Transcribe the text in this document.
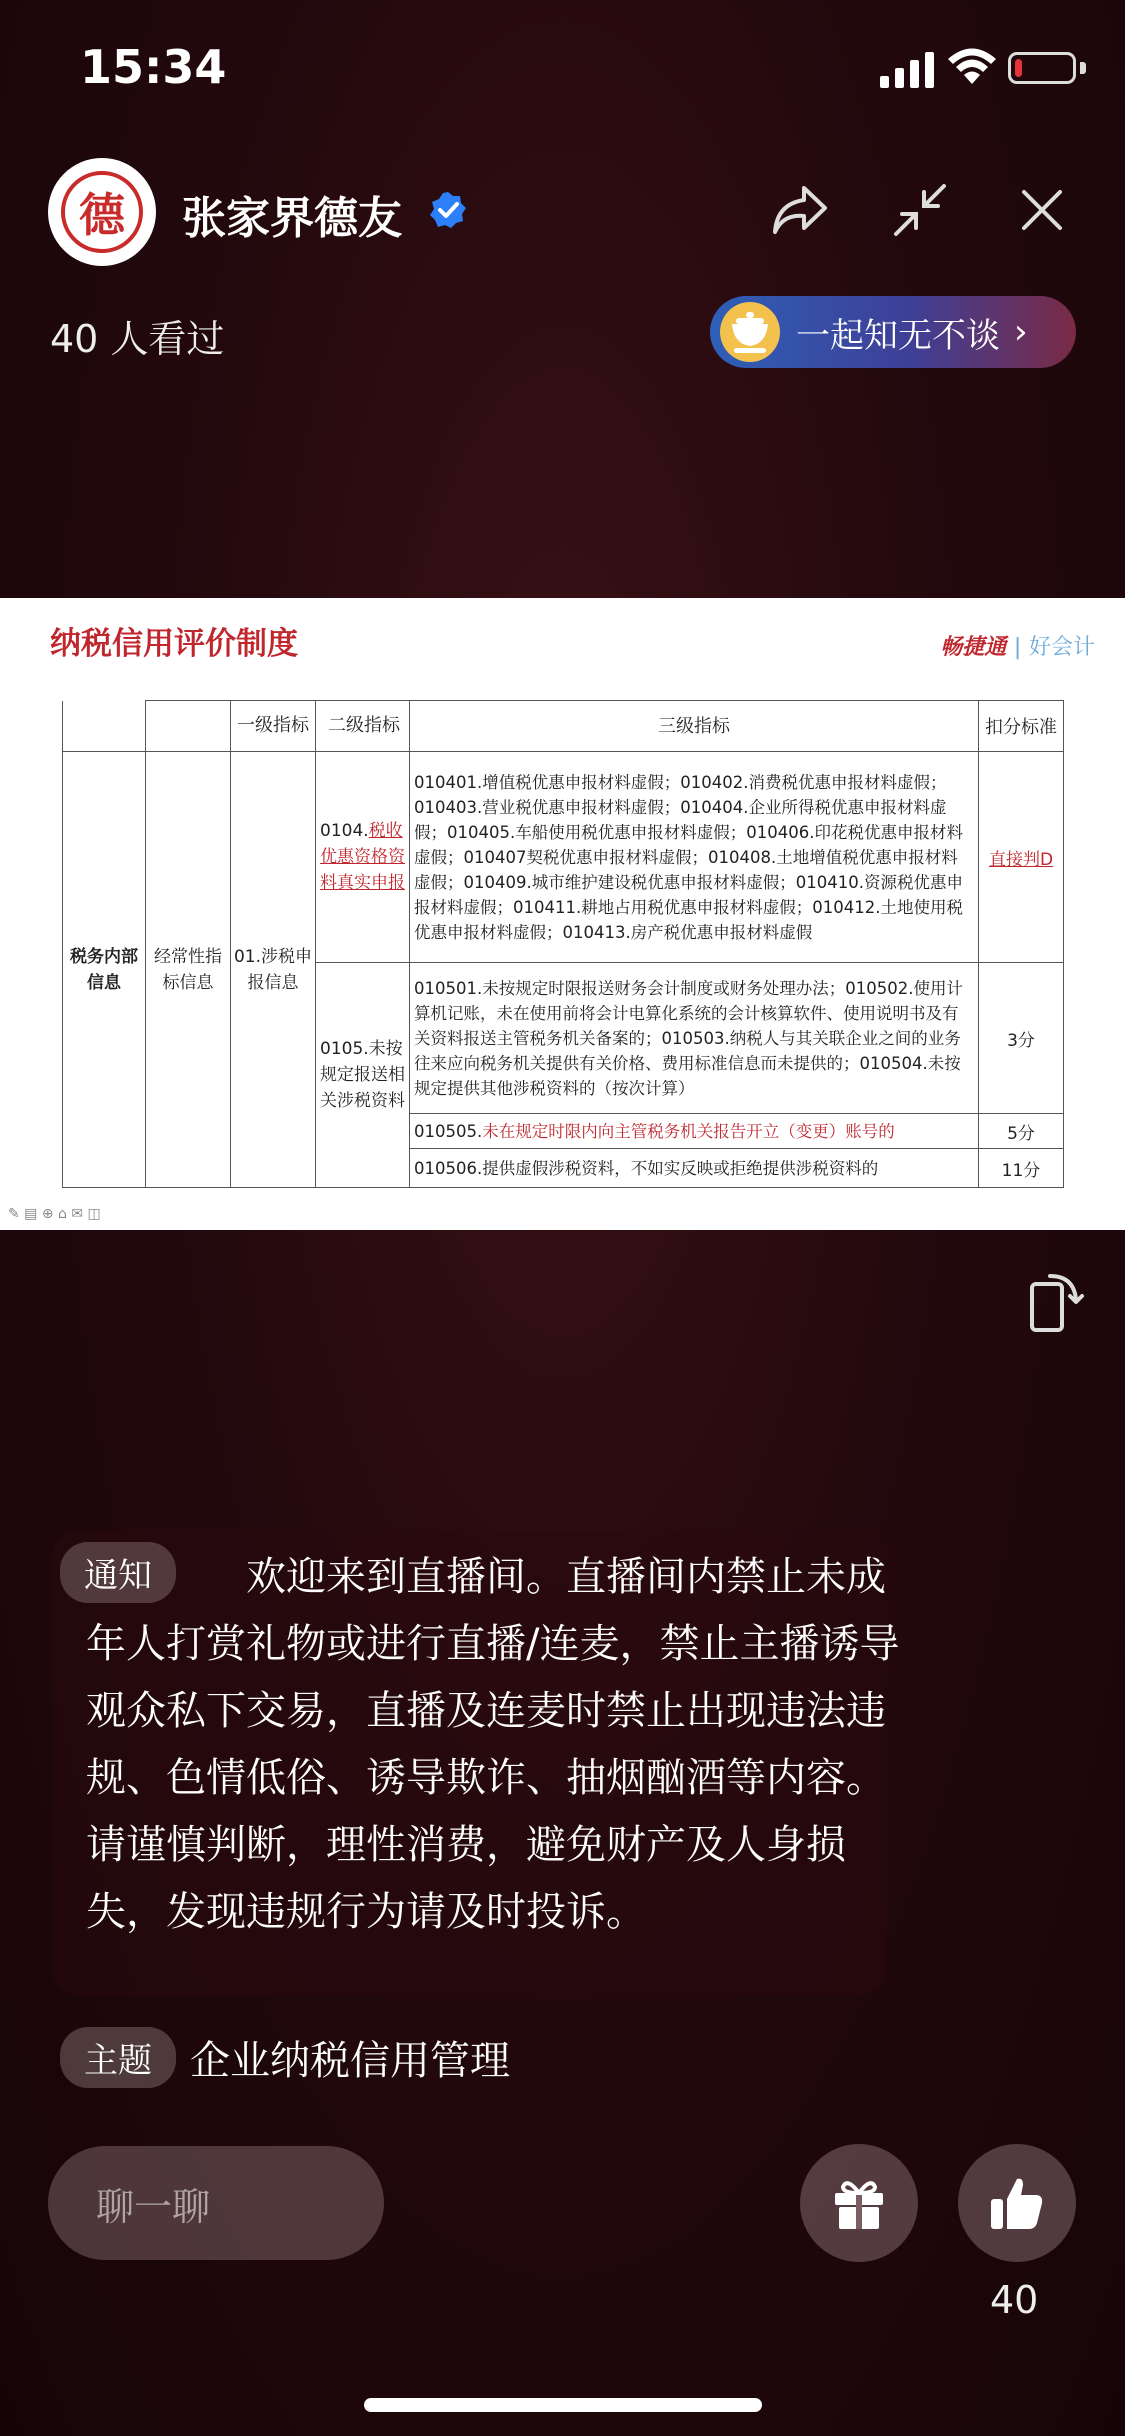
15:34
德	张家界德友
40 人看过	一起知无不谈 ›
纳税信用评价制度	畅捷通 | 好会计
		一级指标	二级指标	三级指标	扣分标准
税务内部信息	经常性指标信息	01.涉税申报信息	0104.税收优惠资格资料真实申报	010401.增值税优惠申报材料虚假；010402.消费税优惠申报材料虚假；010403.营业税优惠申报材料虚假；010404.企业所得税优惠申报材料虚假；010405.车船使用税优惠申报材料虚假；010406.印花税优惠申报材料虚假；010407契税优惠申报材料虚假；010408.土地增值税优惠申报材料虚假；010409.城市维护建设税优惠申报材料虚假；010410.资源税优惠申报材料虚假；010411.耕地占用税优惠申报材料虚假；010412.土地使用税优惠申报材料虚假；010413.房产税优惠申报材料虚假	直接判D
			0105.未按规定报送相关涉税资料	010501.未按规定时限报送财务会计制度或财务处理办法；010502.使用计算机记账，未在使用前将会计电算化系统的会计核算软件、使用说明书及有关资料报送主管税务机关备案的；010503.纳税人与其关联企业之间的业务往来应向税务机关提供有关价格、费用标准信息而未提供的；010504.未按规定提供其他涉税资料的（按次计算）	3分
				010505.未在规定时限内向主管税务机关报告开立（变更）账号的	5分
				010506.提供虚假涉税资料，不如实反映或拒绝提供涉税资料的	11分
✎ ▤ ⊕ ⌂ ✉ ◫
通知	欢迎来到直播间。直播间内禁止未成年人打赏礼物或进行直播/连麦，禁止主播诱导观众私下交易，直播及连麦时禁止出现违法违规、色情低俗、诱导欺诈、抽烟酗酒等内容。请谨慎判断，理性消费，避免财产及人身损失，发现违规行为请及时投诉。
主题 企业纳税信用管理
聊一聊
40
